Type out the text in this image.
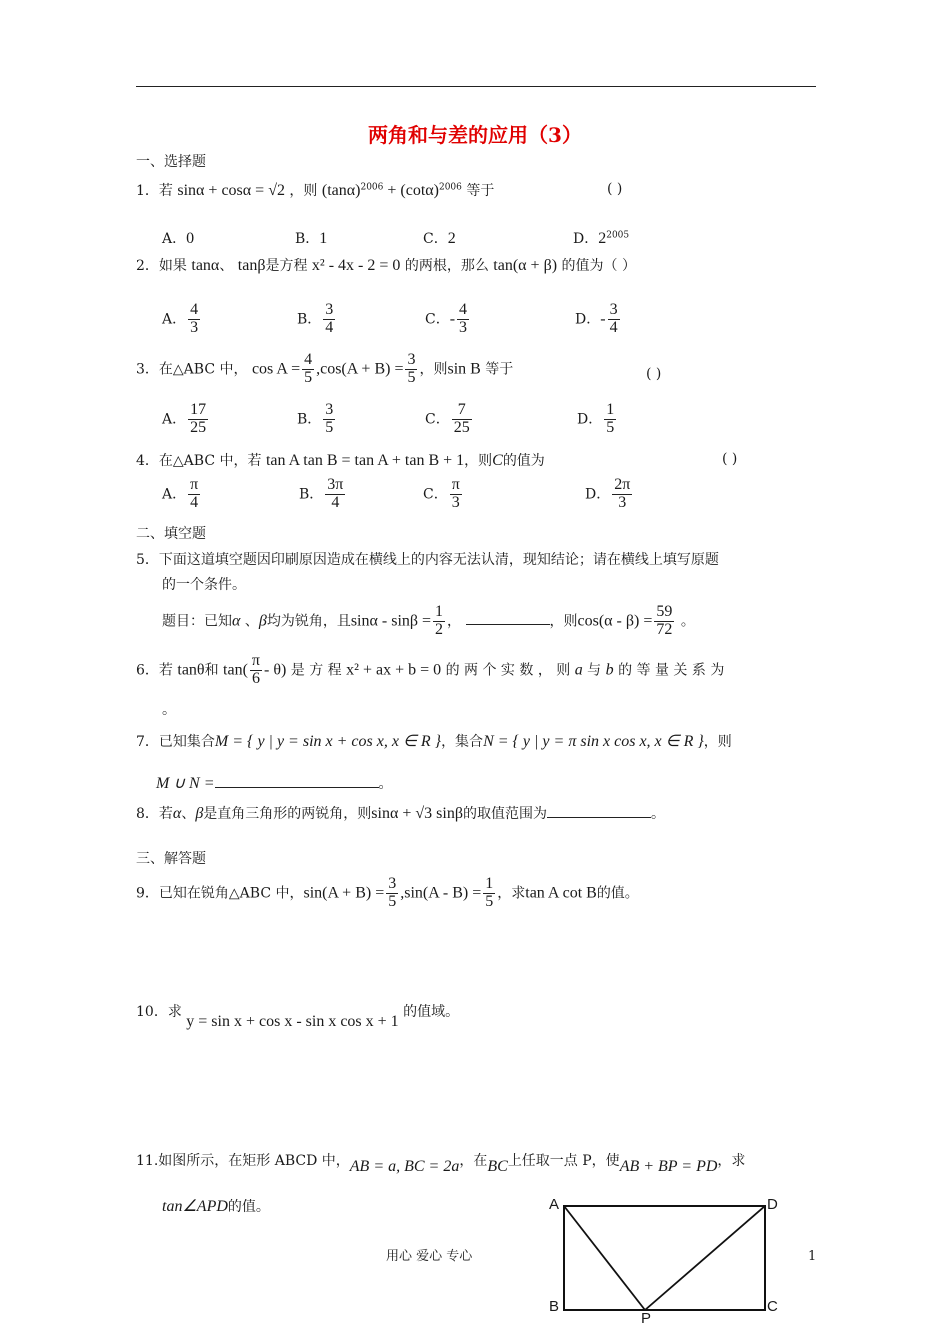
两角和与差的应用（3）
一、选择题
1．若 sinα + cosα = √2 ，则 $(\tan\alpha)^{2006} + (\cot\alpha)^{2006}$ 等于	( )
A．0	B．1	C．2	D．$2^{2005}$
2．如果 tanα、 tanβ是方程 x² - 4x - 2 = 0 的两根，那么 tan(α + β) 的值为（ ）
A． $\frac{4}{3}$	B． $\frac{3}{4}$	C．- $\frac{4}{3}$	D．- $\frac{3}{4}$
3．在△ABC 中， $\cos A = \frac{4}{5} ,\cos(A + B) = \frac{3}{5}$ ，则sin B 等于	( )
A． $\frac{17}{25}$	B． $\frac{3}{5}$	C． $\frac{7}{25}$	D． $\frac{1}{5}$
4．在△ABC 中，若 tan A tan B = tan A + tan B + 1，则C的值为	( )
A． $\frac{\pi}{4}$	B． $\frac{3\pi}{4}$	C． $\frac{\pi}{3}$	D． $\frac{2\pi}{3}$
二、填空题
5．下面这道填空题因印刷原因造成在横线上的内容无法认清，现知结论；请在横线上填写原题
的一个条件。
题目：已知α 、β均为锐角，且$\sin\alpha - \sin\beta = \frac{1}{2}$ ，	，则$\cos(\alpha - \beta) = \frac{59}{72}$ 。
6．若 tanθ和 $\tan( \frac{\pi}{6} - \theta)$ 是 方 程 x² + ax + b = 0 的 两 个 实 数 ， 则 a 与 b 的 等 量 关 系 为
。
7．已知集合M = { y | y = sin x + cos x, x ∈ R }，集合N = { y | y = π sin x cos x, x ∈ R }，则
M ∪ N =	。
8．若α、β是直角三角形的两锐角，则sinα + √3 sinβ的取值范围为	。
三、解答题
9．已知在锐角△ABC 中，$\sin(A + B) = \frac{3}{5} ,\sin(A - B) = \frac{1}{5}$ ，求tan A cot B的值。
10．求 y = sin x + cos x - sin x cos x + 1 的值域。
11.如图所示，在矩形 ABCD 中，AB = a, BC = 2a，在BC上任取一点 P，使AB + BP = PD，求
tan∠APD的值。
用心 爱心 专心	1
A	D
B	C
P
